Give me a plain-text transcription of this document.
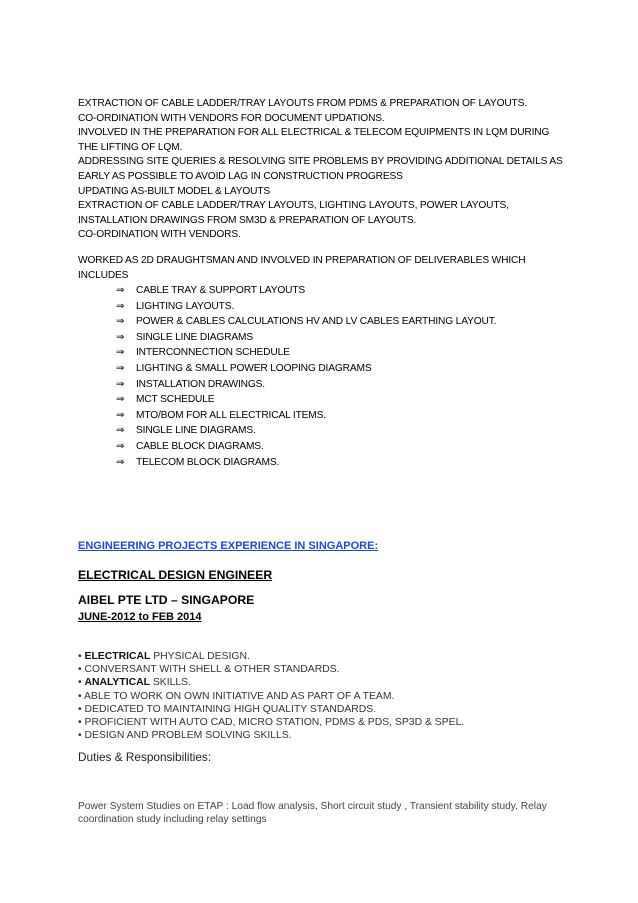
EXTRACTION OF CABLE LADDER/TRAY LAYOUTS FROM PDMS & PREPARATION OF LAYOUTS.

CO-ORDINATION WITH VENDORS FOR DOCUMENT UPDATIONS.

INVOLVED IN THE PREPARATION FOR ALL ELECTRICAL & TELECOM EQUIPMENTS IN LQM DURING

THE LIFTING OF LQM.

ADDRESSING SITE QUERIES & RESOLVING SITE PROBLEMS BY PROVIDING ADDITIONAL DETAILS AS

EARLY AS POSSIBLE TO AVOID LAG IN CONSTRUCTION PROGRESS

UPDATING AS-BUILT MODEL & LAYOUTS

EXTRACTION OF CABLE LADDER/TRAY LAYOUTS, LIGHTING LAYOUTS, POWER LAYOUTS,

INSTALLATION DRAWINGS FROM SM3D & PREPARATION OF LAYOUTS.

CO-ORDINATION WITH VENDORS.

WORKED AS 2D DRAUGHTSMAN AND INVOLVED IN PREPARATION OF DELIVERABLES WHICH

INCLUDES

⇒	CABLE TRAY & SUPPORT LAYOUTS
⇒	LIGHTING LAYOUTS.
⇒	POWER & CABLES CALCULATIONS HV AND LV CABLES EARTHING LAYOUT.
⇒	SINGLE LINE DIAGRAMS
⇒	INTERCONNECTION SCHEDULE
⇒	LIGHTING & SMALL POWER LOOPING DIAGRAMS
⇒	INSTALLATION DRAWINGS.
⇒	MCT SCHEDULE
⇒	MTO/BOM FOR ALL ELECTRICAL ITEMS.
⇒	SINGLE LINE DIAGRAMS.
⇒	CABLE BLOCK DIAGRAMS.
⇒	TELECOM BLOCK DIAGRAMS.
ENGINEERING PROJECTS EXPERIENCE IN SINGAPORE:
ELECTRICAL DESIGN ENGINEER
AIBEL PTE LTD – SINGAPORE
JUNE-2012 to FEB 2014
• ELECTRICAL PHYSICAL DESIGN.
• CONVERSANT WITH SHELL & OTHER STANDARDS.
• ANALYTICAL SKILLS.
• ABLE TO WORK ON OWN INITIATIVE AND AS PART OF A TEAM.
• DEDICATED TO MAINTAINING HIGH QUALITY STANDARDS.
• PROFICIENT WITH AUTO CAD, MICRO STATION, PDMS & PDS, SP3D & SPEL.
• DESIGN AND PROBLEM SOLVING SKILLS.
Duties & Responsibilities:
Power System Studies on ETAP : Load flow analysis, Short circuit study , Transient stability study, Relay coordination study including relay settings
